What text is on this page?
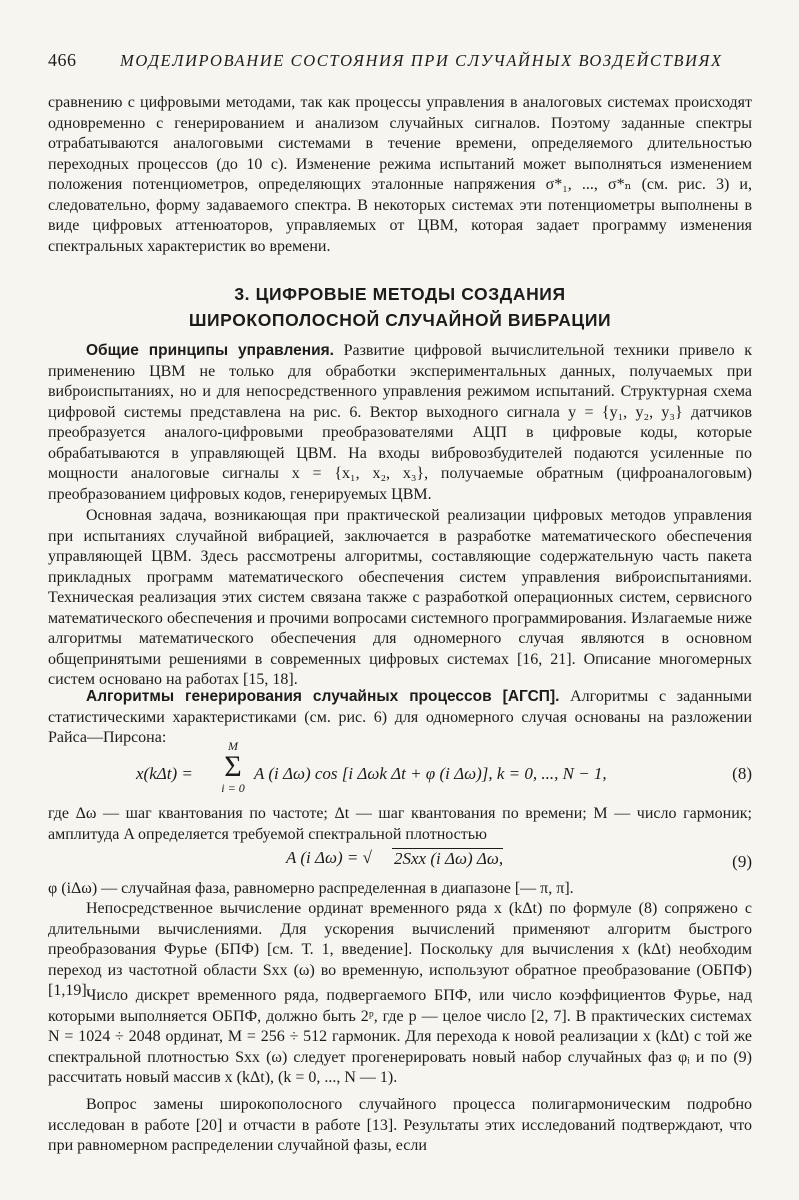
466	МОДЕЛИРОВАНИЕ СОСТОЯНИЯ ПРИ СЛУЧАЙНЫХ ВОЗДЕЙСТВИЯХ

сравнению с цифровыми методами, так как процессы управления в аналоговых системах происходят одновременно с генерированием и анализом случайных сигналов. Поэтому заданные спектры отрабатываются аналоговыми системами в течение времени, определяемого длительностью переходных процессов (до 10 с). Изменение режима испытаний может выполняться изменением положения потенциометров, определяющих эталонные напряжения σ*₁, ..., σ*ₙ (см. рис. 3) и, следовательно, форму задаваемого спектра. В некоторых системах эти потенциометры выполнены в виде цифровых аттенюаторов, управляемых от ЦВМ, которая задает программу изменения спектральных характеристик во времени.

3. ЦИФРОВЫЕ МЕТОДЫ СОЗДАНИЯ
ШИРОКОПОЛОСНОЙ СЛУЧАЙНОЙ ВИБРАЦИИ

Общие принципы управления. Развитие цифровой вычислительной техники привело к применению ЦВМ не только для обработки экспериментальных данных, получаемых при виброиспытаниях, но и для непосредственного управления режимом испытаний. Структурная схема цифровой системы представлена на рис. 6. Вектор выходного сигнала y = {y₁, y₂, y₃} датчиков преобразуется аналого-цифровыми преобразователями АЦП в цифровые коды, которые обрабатываются в управляющей ЦВМ. На входы вибровозбудителей подаются усиленные по мощности аналоговые сигналы x = {x₁, x₂, x₃}, получаемые обратным (цифроаналоговым) преобразованием цифровых кодов, генерируемых ЦВМ.

Основная задача, возникающая при практической реализации цифровых методов управления при испытаниях случайной вибрацией, заключается в разработке математического обеспечения управляющей ЦВМ. Здесь рассмотрены алгоритмы, составляющие содержательную часть пакета прикладных программ математического обеспечения систем управления виброиспытаниями. Техническая реализация этих систем связана также с разработкой операционных систем, сервисного математического обеспечения и прочими вопросами системного программирования. Излагаемые ниже алгоритмы математического обеспечения для одномерного случая являются в основном общепринятыми решениями в современных цифровых системах [16, 21]. Описание многомерных систем основано на работах [15, 18].

Алгоритмы генерирования случайных процессов [АГСП]. Алгоритмы с заданными статистическими характеристиками (см. рис. 6) для одномерного случая основаны на разложении Райса—Пирсона:

x(kΔt) =
M
Σ
i = 0
A (i Δω) cos [i Δωk Δt + φ (i Δω)], k = 0, ..., N − 1,	(8)

где Δω — шаг квантования по частоте; Δt — шаг квантования по времени; M — число гармоник; амплитуда A определяется требуемой спектральной плотностью

A (i Δω) = √ 2Sxx (i Δω) Δω,	(9)

φ (iΔω) — случайная фаза, равномерно распределенная в диапазоне [— π, π].

Непосредственное вычисление ординат временного ряда x (kΔt) по формуле (8) сопряжено с длительными вычислениями. Для ускорения вычислений применяют алгоритм быстрого преобразования Фурье (БПФ) [см. Т. 1, введение]. Поскольку для вычисления x (kΔt) необходим переход из частотной области Sxx (ω) во временную, используют обратное преобразование (ОБПФ) [1,19].

Число дискрет временного ряда, подвергаемого БПФ, или число коэффициентов Фурье, над которыми выполняется ОБПФ, должно быть 2ᵖ, где p — целое число [2, 7]. В практических системах N = 1024 ÷ 2048 ординат, M = 256 ÷ 512 гармоник. Для перехода к новой реализации x (kΔt) с той же спектральной плотностью Sxx (ω) следует прогенерировать новый набор случайных фаз φᵢ и по (9) рассчитать новый массив x (kΔt), (k = 0, ..., N — 1).

Вопрос замены широкополосного случайного процесса полигармоническим подробно исследован в работе [20] и отчасти в работе [13]. Результаты этих исследований подтверждают, что при равномерном распределении случайной фазы, если
